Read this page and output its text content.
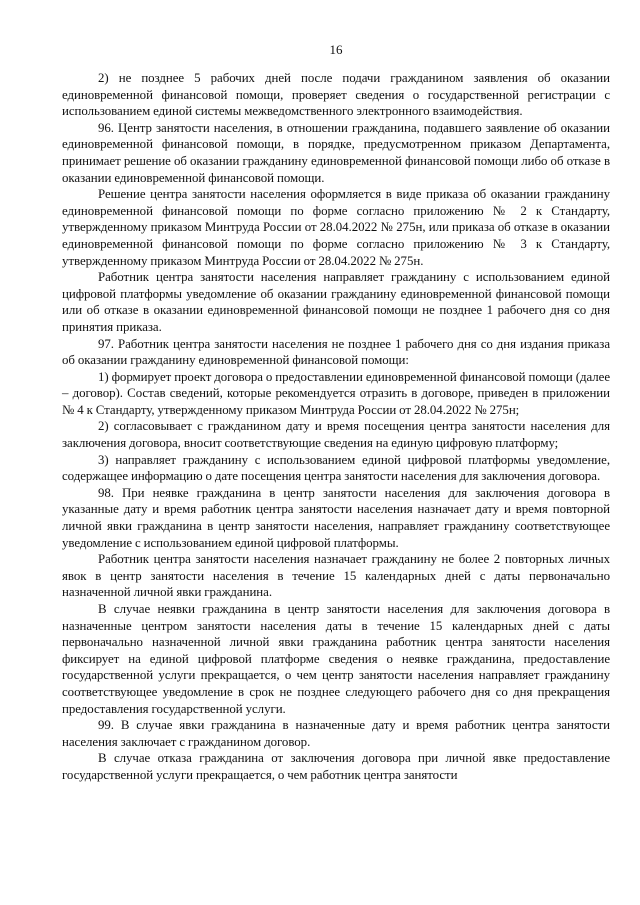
16

2) не позднее 5 рабочих дней после подачи гражданином заявления об оказании единовременной финансовой помощи, проверяет сведения о государственной регистрации с использованием единой системы межведомственного электронного взаимодействия.

96. Центр занятости населения, в отношении гражданина, подавшего заявление об оказании единовременной финансовой помощи, в порядке, предусмотренном приказом Департамента, принимает решение об оказании гражданину единовременной финансовой помощи либо об отказе в оказании единовременной финансовой помощи.

Решение центра занятости населения оформляется в виде приказа об оказании гражданину единовременной финансовой помощи по форме согласно приложению № 2 к Стандарту, утвержденному приказом Минтруда России от 28.04.2022 № 275н, или приказа об отказе в оказании единовременной финансовой помощи по форме согласно приложению № 3 к Стандарту, утвержденному приказом Минтруда России от 28.04.2022 № 275н.

Работник центра занятости населения направляет гражданину с использованием единой цифровой платформы уведомление об оказании гражданину единовременной финансовой помощи или об отказе в оказании единовременной финансовой помощи не позднее 1 рабочего дня со дня принятия приказа.

97. Работник центра занятости населения не позднее 1 рабочего дня со дня издания приказа об оказании гражданину единовременной финансовой помощи:

1) формирует проект договора о предоставлении единовременной финансовой помощи (далее – договор). Состав сведений, которые рекомендуется отразить в договоре, приведен в приложении № 4 к Стандарту, утвержденному приказом Минтруда России от 28.04.2022 № 275н;

2) согласовывает с гражданином дату и время посещения центра занятости населения для заключения договора, вносит соответствующие сведения на единую цифровую платформу;

3) направляет гражданину с использованием единой цифровой платформы уведомление, содержащее информацию о дате посещения центра занятости населения для заключения договора.

98. При неявке гражданина в центр занятости населения для заключения договора в указанные дату и время работник центра занятости населения назначает дату и время повторной личной явки гражданина в центр занятости населения, направляет гражданину соответствующее уведомление с использованием единой цифровой платформы.

Работник центра занятости населения назначает гражданину не более 2 повторных личных явок в центр занятости населения в течение 15 календарных дней с даты первоначально назначенной личной явки гражданина.

В случае неявки гражданина в центр занятости населения для заключения договора в назначенные центром занятости населения даты в течение 15 календарных дней с даты первоначально назначенной личной явки гражданина работник центра занятости населения фиксирует на единой цифровой платформе сведения о неявке гражданина, предоставление государственной услуги прекращается, о чем центр занятости населения направляет гражданину соответствующее уведомление в срок не позднее следующего рабочего дня со дня прекращения предоставления государственной услуги.

99. В случае явки гражданина в назначенные дату и время работник центра занятости населения заключает с гражданином договор.

В случае отказа гражданина от заключения договора при личной явке предоставление государственной услуги прекращается, о чем работник центра занятости
